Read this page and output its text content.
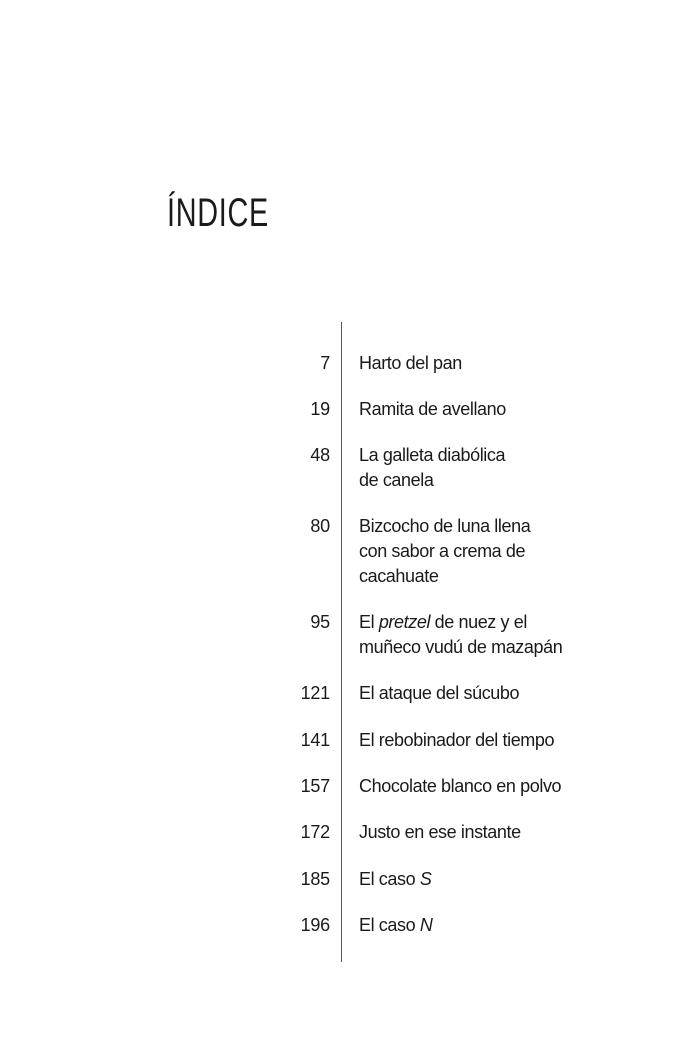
ÍNDICE
7 Harto del pan
19 Ramita de avellano
48 La galleta diabólica
de canela
80 Bizcocho de luna llena
con sabor a crema de
cacahuate
95 El pretzel de nuez y el
muñeco vudú de mazapán
121 El ataque del súcubo
141 El rebobinador del tiempo
157 Chocolate blanco en polvo
172 Justo en ese instante
185 El caso S
196 El caso N
